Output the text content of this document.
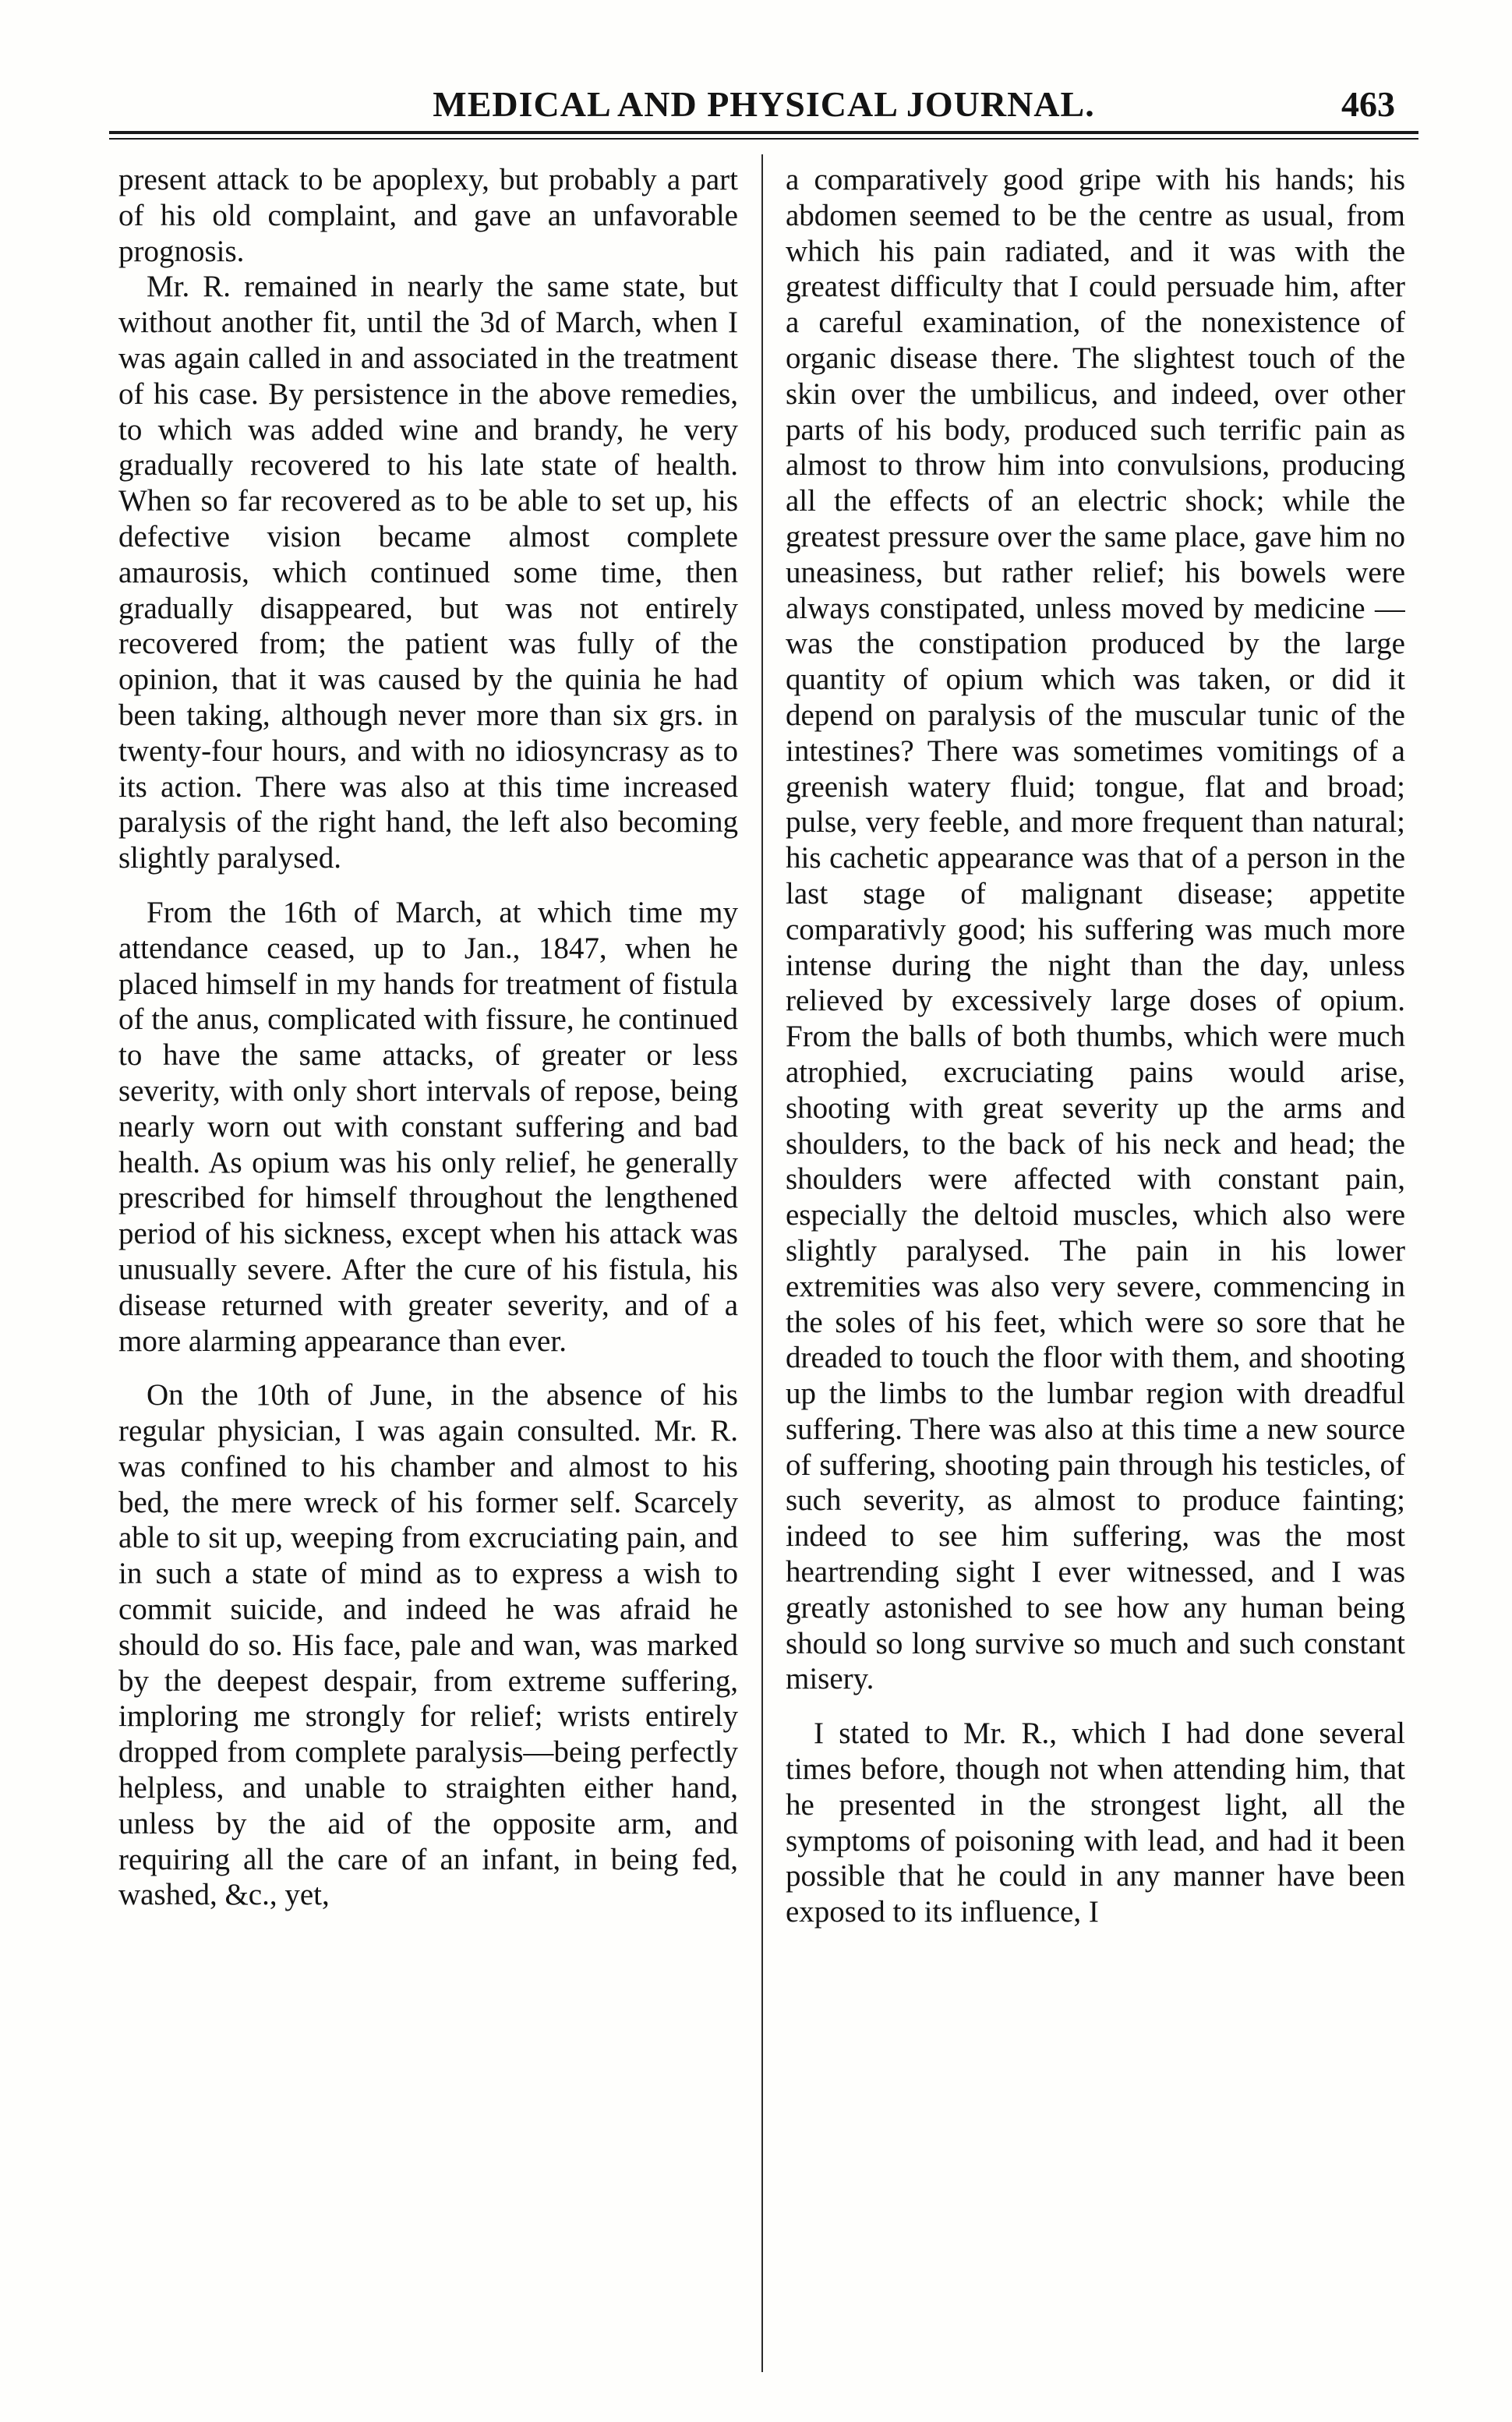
MEDICAL AND PHYSICAL JOURNAL.	463

present attack to be apoplexy, but probably a part of his old complaint, and gave an unfavorable prognosis.

Mr. R. remained in nearly the same state, but without another fit, until the 3d of March, when I was again called in and associated in the treatment of his case. By persistence in the above remedies, to which was added wine and brandy, he very gradually recovered to his late state of health. When so far recovered as to be able to set up, his defective vision became almost complete amaurosis, which continued some time, then gradually disappeared, but was not entirely recovered from; the patient was fully of the opinion, that it was caused by the quinia he had been taking, although never more than six grs. in twenty-four hours, and with no idiosyncrasy as to its action. There was also at this time increased paralysis of the right hand, the left also becoming slightly paralysed.

From the 16th of March, at which time my attendance ceased, up to Jan., 1847, when he placed himself in my hands for treatment of fistula of the anus, complicated with fissure, he continued to have the same attacks, of greater or less severity, with only short intervals of repose, being nearly worn out with constant suffering and bad health. As opium was his only relief, he generally prescribed for himself throughout the lengthened period of his sickness, except when his attack was unusually severe. After the cure of his fistula, his disease returned with greater severity, and of a more alarming appearance than ever.

On the 10th of June, in the absence of his regular physician, I was again consulted. Mr. R. was confined to his chamber and almost to his bed, the mere wreck of his former self. Scarcely able to sit up, weeping from excruciating pain, and in such a state of mind as to express a wish to commit suicide, and indeed he was afraid he should do so. His face, pale and wan, was marked by the deepest despair, from extreme suffering, imploring me strongly for relief; wrists entirely dropped from complete paralysis—being perfectly helpless, and unable to straighten either hand, unless by the aid of the opposite arm, and requiring all the care of an infant, in being fed, washed, &c., yet,

a comparatively good gripe with his hands; his abdomen seemed to be the centre as usual, from which his pain radiated, and it was with the greatest difficulty that I could persuade him, after a careful examination, of the nonexistence of organic disease there. The slightest touch of the skin over the umbilicus, and indeed, over other parts of his body, produced such terrific pain as almost to throw him into convulsions, producing all the effects of an electric shock; while the greatest pressure over the same place, gave him no uneasiness, but rather relief; his bowels were always constipated, unless moved by medicine —was the constipation produced by the large quantity of opium which was taken, or did it depend on paralysis of the muscular tunic of the intestines? There was sometimes vomitings of a greenish watery fluid; tongue, flat and broad; pulse, very feeble, and more frequent than natural; his cachetic appearance was that of a person in the last stage of malignant disease; appetite comparativly good; his suffering was much more intense during the night than the day, unless relieved by excessively large doses of opium. From the balls of both thumbs, which were much atrophied, excruciating pains would arise, shooting with great severity up the arms and shoulders, to the back of his neck and head; the shoulders were affected with constant pain, especially the deltoid muscles, which also were slightly paralysed. The pain in his lower extremities was also very severe, commencing in the soles of his feet, which were so sore that he dreaded to touch the floor with them, and shooting up the limbs to the lumbar region with dreadful suffering. There was also at this time a new source of suffering, shooting pain through his testicles, of such severity, as almost to produce fainting; indeed to see him suffering, was the most heartrending sight I ever witnessed, and I was greatly astonished to see how any human being should so long survive so much and such constant misery.

I stated to Mr. R., which I had done several times before, though not when attending him, that he presented in the strongest light, all the symptoms of poisoning with lead, and had it been possible that he could in any manner have been exposed to its influence, I
